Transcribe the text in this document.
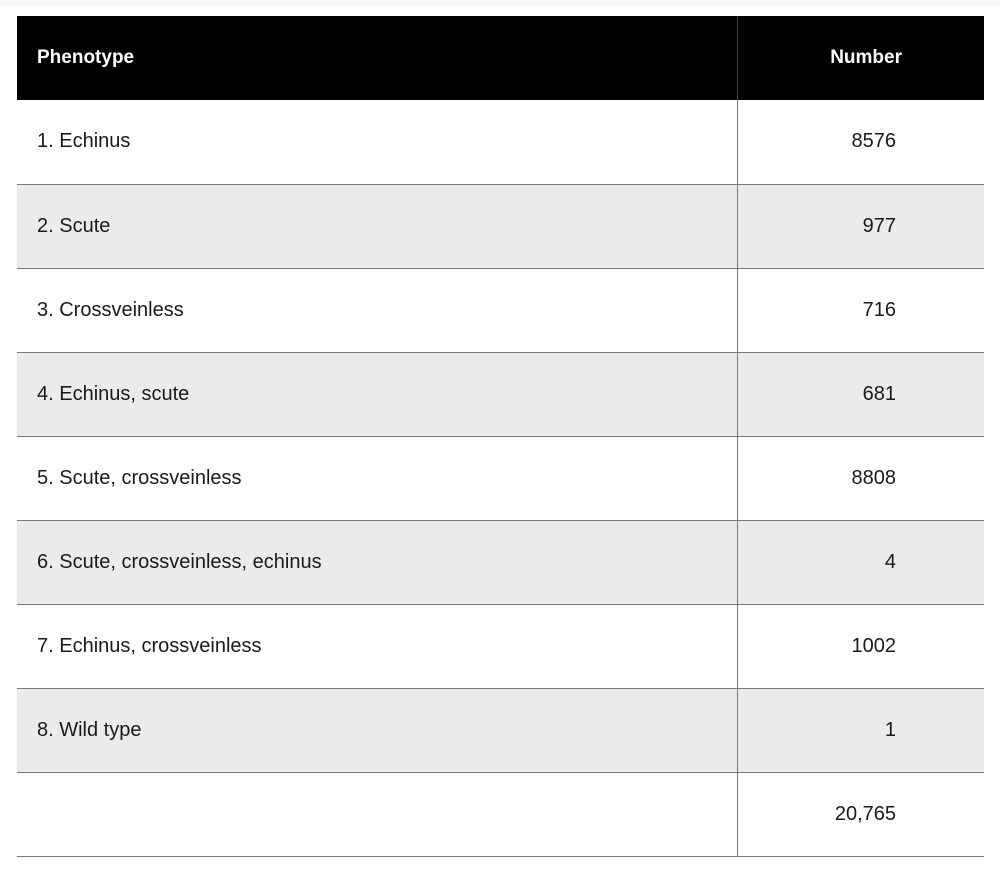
Phenotype	Number
1. Echinus	8576
2. Scute	977
3. Crossveinless	716
4. Echinus, scute	681
5. Scute, crossveinless	8808
6. Scute, crossveinless, echinus	4
7. Echinus, crossveinless	1002
8. Wild type	1
	20,765
